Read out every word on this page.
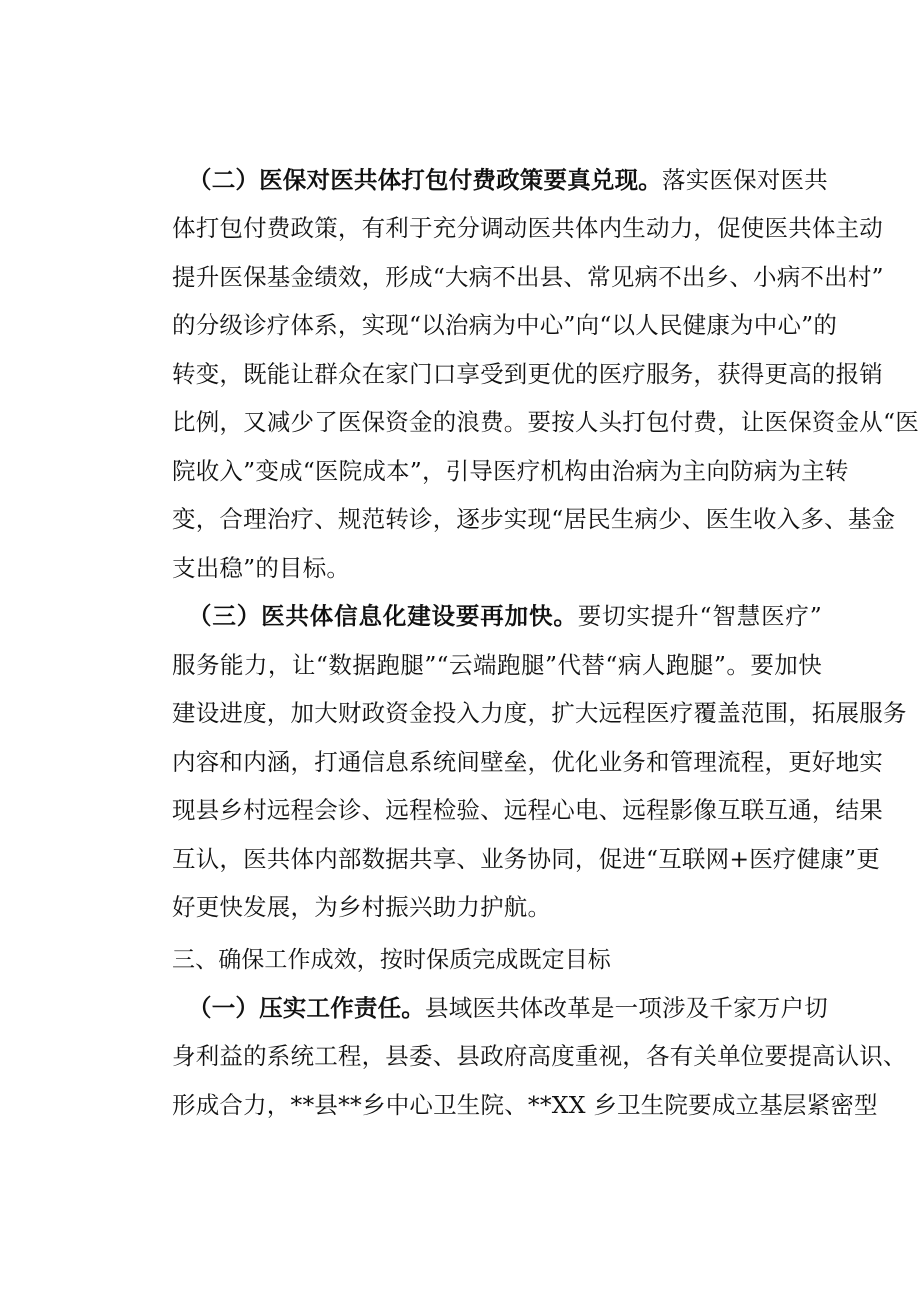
（二）医保对医共体打包付费政策要真兑现。落实医保对医共
体打包付费政策，有利于充分调动医共体内生动力，促使医共体主动
提升医保基金绩效，形成“大病不出县、常见病不出乡、小病不出村”
的分级诊疗体系，实现“以治病为中心”向“以人民健康为中心”的
转变，既能让群众在家门口享受到更优的医疗服务，获得更高的报销
比例，又减少了医保资金的浪费。要按人头打包付费，让医保资金从“医
院收入”变成“医院成本”，引导医疗机构由治病为主向防病为主转
变，合理治疗、规范转诊，逐步实现“居民生病少、医生收入多、基金
支出稳”的目标。
（三）医共体信息化建设要再加快。要切实提升“智慧医疗”
服务能力，让“数据跑腿”“云端跑腿”代替“病人跑腿”。要加快
建设进度，加大财政资金投入力度，扩大远程医疗覆盖范围，拓展服务
内容和内涵，打通信息系统间壁垒，优化业务和管理流程，更好地实
现县乡村远程会诊、远程检验、远程心电、远程影像互联互通，结果
互认，医共体内部数据共享、业务协同，促进“互联网+医疗健康”更
好更快发展，为乡村振兴助力护航。
三、确保工作成效，按时保质完成既定目标
（一）压实工作责任。县域医共体改革是一项涉及千家万户切
身利益的系统工程，县委、县政府高度重视，各有关单位要提高认识、
形成合力，**县**乡中心卫生院、**XX 乡卫生院要成立基层紧密型
